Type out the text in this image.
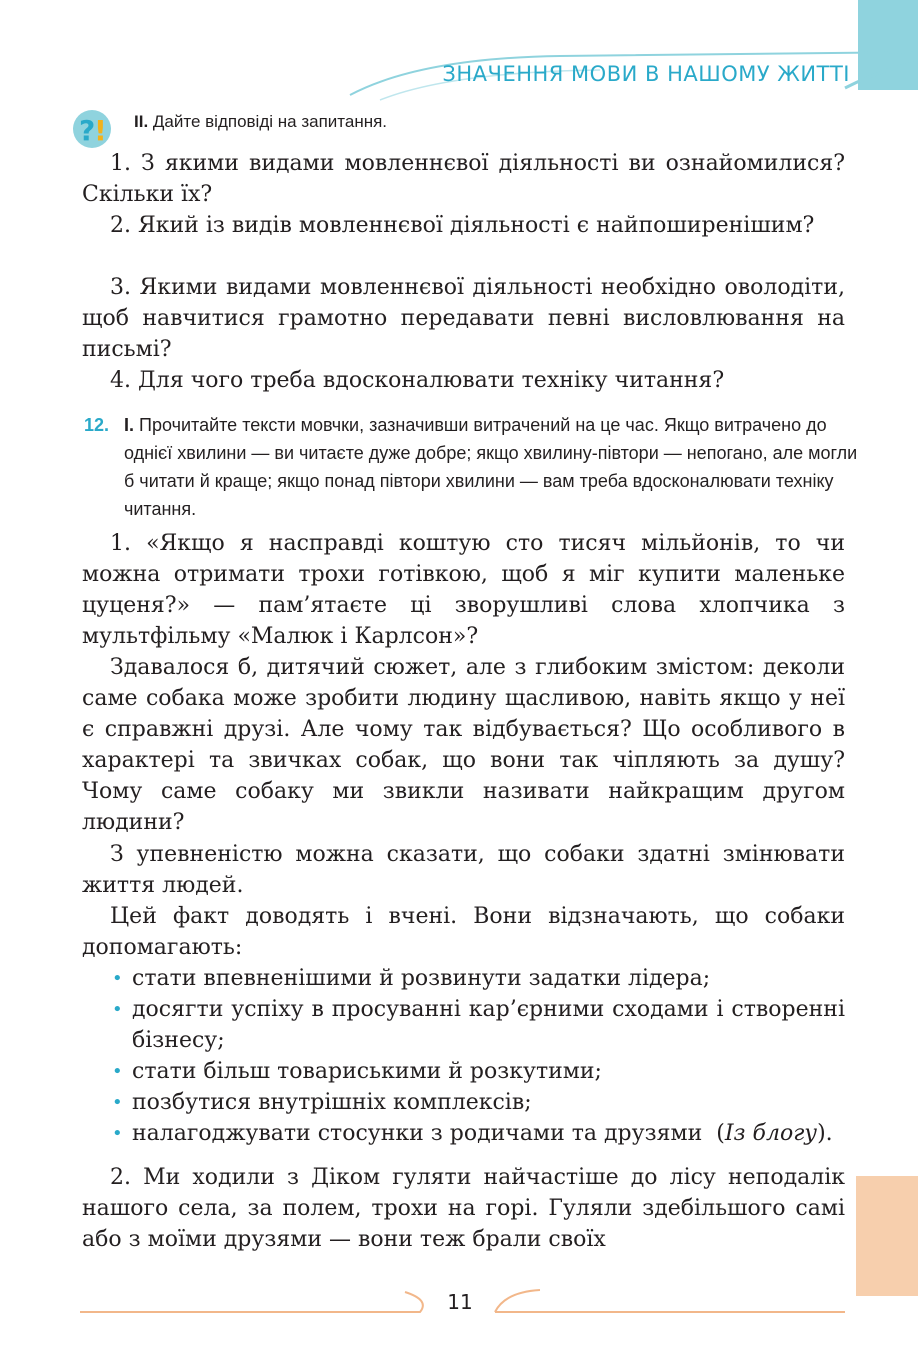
ЗНАЧЕННЯ МОВИ В НАШОМУ ЖИТТІ
?
! II. Дайте відповіді на запитання.
1. З якими видами мовленнєвої діяльності ви ознайомилися? Скільки їх?
2. Який із видів мовленнєвої діяльності є найпоширенішим?
3. Якими видами мовленнєвої діяльності необхідно оволодіти, щоб навчитися грамотно передавати певні висловлювання на письмі?
4. Для чого треба вдосконалювати техніку читання?
12. I. Прочитайте тексти мовчки, зазначивши витрачений на це час. Якщо витрачено до однієї хвилини — ви читаєте дуже добре; якщо хвилину-півтори — непогано, але могли б читати й краще; якщо понад півтори хвилини — вам треба вдосконалювати техніку читання.
1. «Якщо я насправді коштую сто тисяч мільйонів, то чи можна отримати трохи готівкою, щоб я міг купити маленьке цуценя?» — пам’ятаєте ці зворушливі слова хлопчика з мультфільму «Малюк і Карлсон»?
Здавалося б, дитячий сюжет, але з глибоким змістом: деколи саме собака може зробити людину щасливою, навіть якщо у неї є справжні друзі. Але чому так відбувається? Що особливого в характері та звичках собак, що вони так чіпляють за душу? Чому саме собаку ми звикли називати найкращим другом людини?
З упевненістю можна сказати, що собаки здатні змінювати життя людей.
Цей факт доводять і вчені. Вони відзначають, що собаки допомагають:
• стати впевненішими й розвинути задатки лідера;
• досягти успіху в просуванні кар’єрними сходами і створенні бізнесу;
• стати більш товариськими й розкутими;
• позбутися внутрішніх комплексів;
• налагоджувати стосунки з родичами та друзями  (Із блогу).
2. Ми ходили з Діком гуляти найчастіше до лісу неподалік нашого села, за полем, трохи на горі. Гуляли здебільшого самі або з моїми друзями — вони теж брали своїх
11
